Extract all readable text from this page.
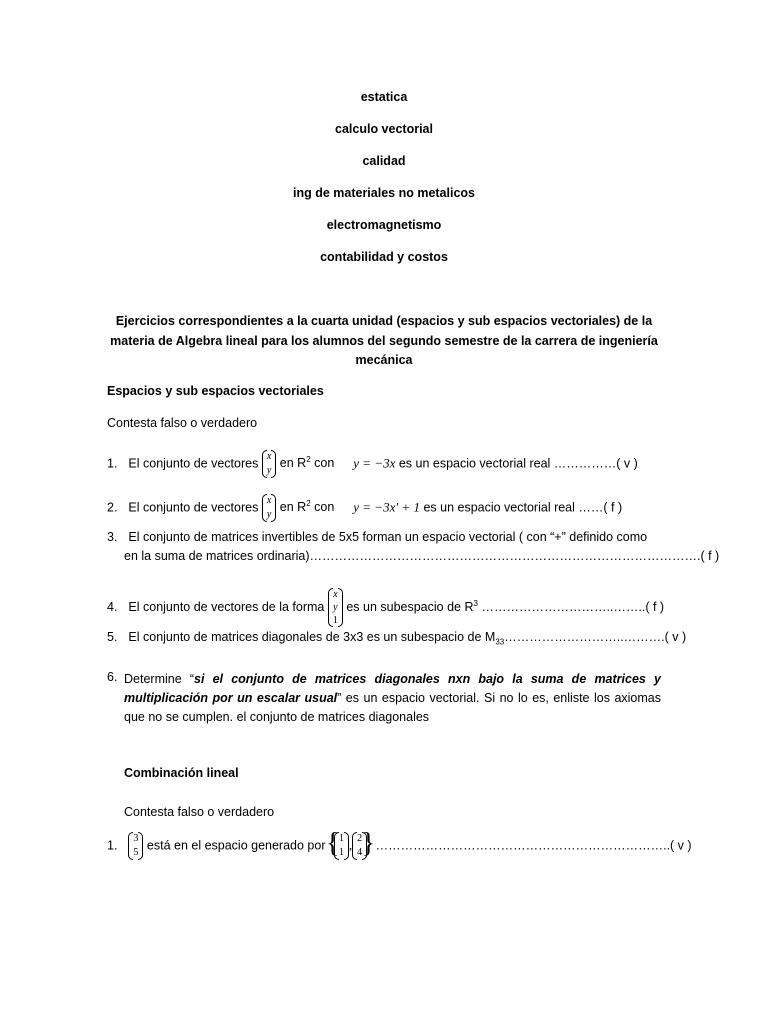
estatica
calculo vectorial
calidad
ing de materiales no metalicos
electromagnetismo
contabilidad y costos
Ejercicios correspondientes a la cuarta unidad (espacios y sub espacios vectoriales) de la
materia de Algebra lineal para los alumnos del segundo semestre de la carrera de ingeniería
mecánica
Espacios y sub espacios vectoriales
Contesta falso o verdadero
1. El conjunto de vectores x
y
en $R^2$ con y = −3x es un espacio vectorial real ……………( v )
2. El conjunto de vectores x
y
en $R^2$ con y = −3x′ + 1 es un espacio vectorial real ……( f )
3. El conjunto de matrices invertibles de 5x5 forman un espacio vectorial ( con “+” definido como
en la suma de matrices ordinaria)………………………………………………………………………………….( f )
4. El conjunto de vectores de la forma
x
y
1
es un subespacio de $R^3$ …………………………..……..( f )
5. El conjunto de matrices diagonales de 3x3 es un subespacio de $M_{33}\dots\dots\dots\dots\dots\dots\dots\dots\dots..\dots\dots\dots$.( v )
6. Determine “si el conjunto de matrices diagonales nxn bajo la suma de matrices y multiplicación por un escalar usual” es un espacio vectorial. Si no lo es, enliste los axiomas que no se cumplen. el conjunto de matrices diagonales
Combinación lineal
Contesta falso o verdadero
1. 3
5
está en el espacio generado por
{ 1
1
, 2
4
} ……………………………………………………………..( v )
